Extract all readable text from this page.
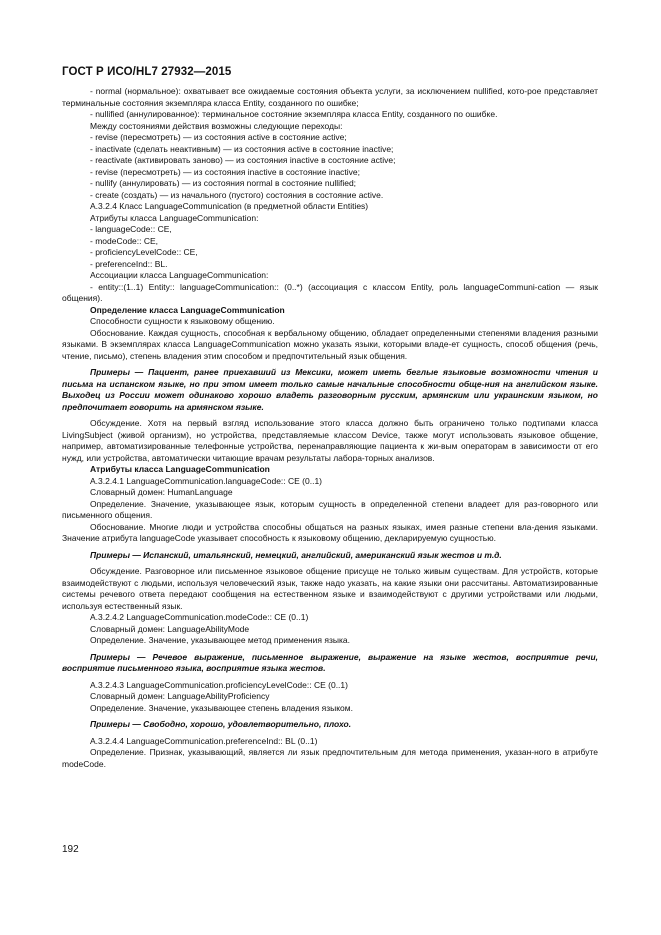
ГОСТ Р ИСО/HL7 27932—2015

- normal (нормальное): охватывает все ожидаемые состояния объекта услуги, за исключением nullified, кото-рое представляет терминальные состояния экземпляра класса Entity, созданного по ошибке;

- nullified (аннулированное): терминальное состояние экземпляра класса Entity, созданного по ошибке.

Между состояниями действия возможны следующие переходы:

- revise (пересмотреть) — из состояния active в состояние active;

- inactivate (сделать неактивным) — из состояния active в состояние inactive;

- reactivate (активировать заново) — из состояния inactive в состояние active;

- revise (пересмотреть) — из состояния inactive в состояние inactive;

- nullify (аннулировать) — из состояния normal в состояние nullified;

- create (создать) — из начального (пустого) состояния в состояние active.

A.3.2.4 Класс LanguageCommunication (в предметной области Entities)

Атрибуты класса LanguageCommunication:

- languageCode:: CE,

- modeCode:: CE,

- proficiencyLevelCode:: CE,

- preferenceInd:: BL.

Ассоциации класса LanguageCommunication:

- entity::(1..1) Entity:: languageCommunication:: (0..*) (ассоциация с классом Entity, роль languageCommuni-cation — язык общения).

Определение класса LanguageCommunication

Способности сущности к языковому общению.

Обоснование. Каждая сущность, способная к вербальному общению, обладает определенными степенями владения разными языками. В экземплярах класса LanguageCommunication можно указать языки, которыми владе-ет сущность, способ общения (речь, чтение, письмо), степень владения этим способом и предпочтительный язык общения.

Примеры — Пациент, ранее приехавший из Мексики, может иметь беглые языковые возможности чтения и письма на испанском языке, но при этом имеет только самые начальные способности обще-ния на английском языке. Выходец из России может одинаково хорошо владеть разговорным русским, армянским или украинским языком, но предпочитает говорить на армянском языке.

Обсуждение. Хотя на первый взгляд использование этого класса должно быть ограничено только подтипами класса LivingSubject (живой организм), но устройства, представляемые классом Device, также могут использовать языковое общение, например, автоматизированные телефонные устройства, перенаправляющие пациента к жи-вым операторам в зависимости от его нужд, или устройства, автоматически читающие врачам результаты лабора-торных анализов.

Атрибуты класса LanguageCommunication

A.3.2.4.1 LanguageCommunication.languageCode:: CE (0..1)

Словарный домен: HumanLanguage

Определение. Значение, указывающее язык, которым сущность в определенной степени владеет для раз-говорного или письменного общения.

Обоснование. Многие люди и устройства способны общаться на разных языках, имея разные степени вла-дения языками. Значение атрибута languageCode указывает способность к языковому общению, декларируемую сущностью.

Примеры — Испанский, итальянский, немецкий, английский, американский язык жестов и т.д.

Обсуждение. Разговорное или письменное языковое общение присуще не только живым существам. Для устройств, которые взаимодействуют с людьми, используя человеческий язык, также надо указать, на какие языки они рассчитаны. Автоматизированные системы речевого ответа передают сообщения на естественном языке и взаимодействуют с другими устройствами или людьми, используя естественный язык.

A.3.2.4.2 LanguageCommunication.modeCode:: CE (0..1)

Словарный домен: LanguageAbilityMode

Определение. Значение, указывающее метод применения языка.

Примеры — Речевое выражение, письменное выражение, выражение на языке жестов, восприятие речи, восприятие письменного языка, восприятие языка жестов.

A.3.2.4.3 LanguageCommunication.proficiencyLevelCode:: CE (0..1)

Словарный домен: LanguageAbilityProficiency

Определение. Значение, указывающее степень владения языком.

Примеры — Свободно, хорошо, удовлетворительно, плохо.

A.3.2.4.4 LanguageCommunication.preferenceInd:: BL (0..1)

Определение. Признак, указывающий, является ли язык предпочтительным для метода применения, указан-ного в атрибуте modeCode.

192
